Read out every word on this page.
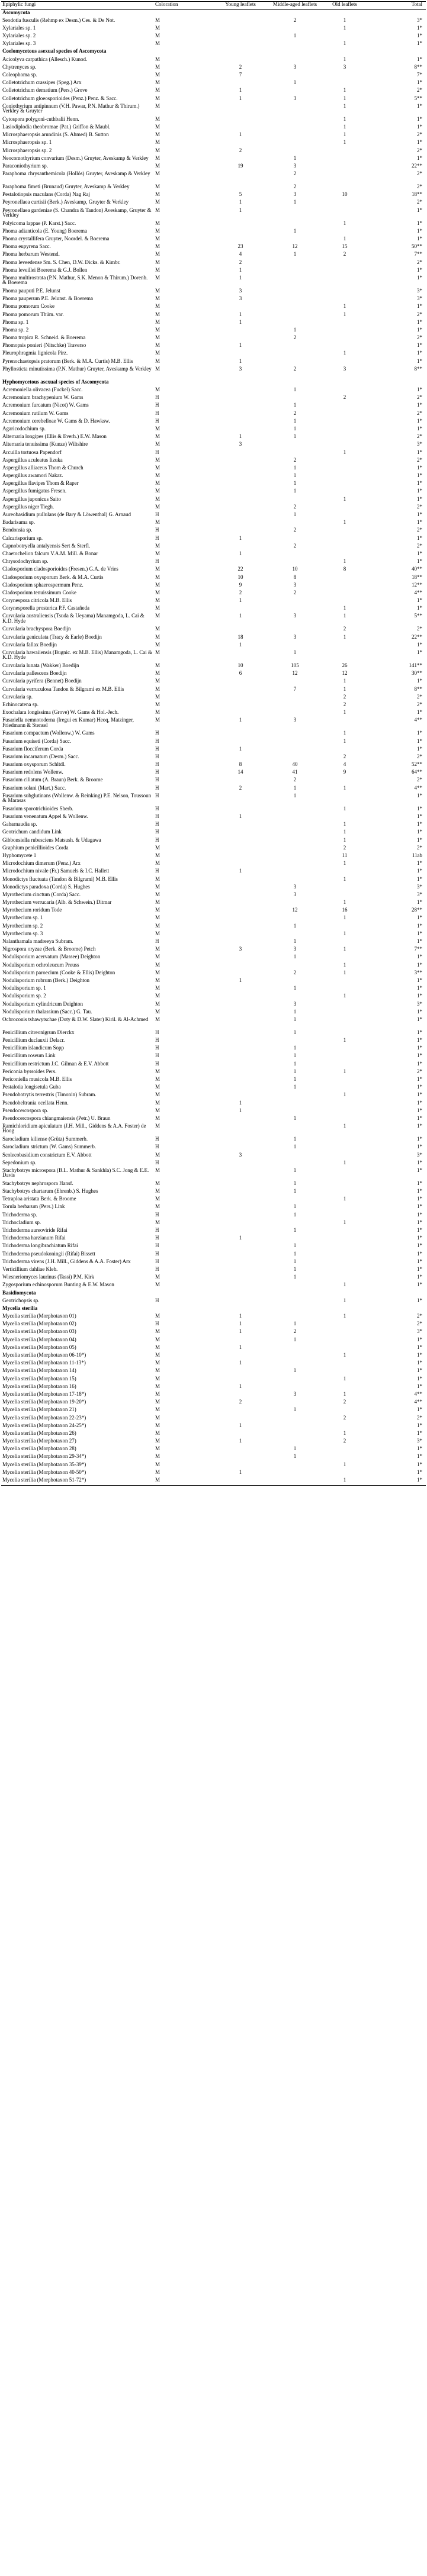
Epiphylic fungi	Coloration	Young leaflets	Middle-aged leaflets	Old leaflets	Total
Ascomycota					
Seodotia fusculis (Rehmp ex Desm.) Ces. & De Not.	M		2	1	3*
Xylariales sp. 1	M			1	1*
Xylariales sp. 2	M		1		1*
Xylariales sp. 3	M			1	1*
Coelomycetous asexual species of Ascomycota					
Acicolyva carpathica (Allesch.) Kunod.	M			1	1*
Chytrenyces sp.	M	2	3	3	8**
Coleophoma sp.	M	7			7*
Colletotrichum crassipes (Speg.) Arx	M		1		1*
Colletotrichum dematium (Pers.) Grove	M	1		1	2*
Colletotrichum gloeosporioides (Penz.) Penz. & Sacc.	M	1	3	1	5**
Coniothyrium antipinnum (V.H. Pawar, P.N. Mathur & Thirum.) Verkley & Gruyter	M			1	1*
Cytospora polygoni-cuthbalii Henn.	M			1	1*
Lasiodiplodia theobromae (Pat.) Griffon & Maubl.	M			1	1*
Microsphaeropsis arundinis (S. Ahmed) B. Sutton	M	1		1	2*
Microsphaeropsis sp. 1	M			1	1*
Microsphaeropsis sp. 2	M	2			2*
Neocomothyrium convarium (Desm.) Gruyter, Aveskamp & Verkley	M		1		1*
Paraconiothyrium sp.	M	19	3		22**
Paraphoma chrysanthemicola (Hollós) Gruyter, Aveskamp & Verkley	M		2		2*
Paraphoma fimeti (Brunaud) Gruyter, Aveskamp & Verkley	M		2		2*
Pestalotiopsis maculans (Corda) Nag Raj	M	5	3	10	18**
Peyronellaea curtisii (Berk.) Aveskamp, Gruyter & Verkley	M	1	1		2*
Peyronellaea gardeniae (S. Chandra & Tandon) Aveskamp, Gruyter & Verkley	M	1			1*
Polyicoma lappae (P. Karst.) Sacc.	M			1	1*
Phoma adianticola (E. Young) Boerema	M		1		1*
Phoma crystallifera Gruyter, Noordel. & Boerema	M			1	1*
Phoma eupyrena Sacc.	M	23	12	15	50**
Phoma herbarum Westend.	M	4	1	2	7**
Phoma leveedense Sm. S. Chen, D.W. Dicks. & Kimbr.	M	2			2*
Phoma leveillei Boerema & G.J. Bollen	M	1			1*
Phoma multirostrata (P.N. Mathur, S.K. Menon & Thirum.) Dorenb. & Boerema	M	1			1*
Phoma pauputi P.E. Jelunst	M	3			3*
Phoma pauperum P.E. Jelunst. & Boerema	M	3			3*
Phoma pomorum Cooke	M			1	1*
Phoma pomorum Thüm. var.	M	1		1	2*
Phoma sp. 1	M	1			1*
Phoma sp. 2	M		1		1*
Phoma tropica R. Schneid. & Boerema	M		2		2*
Phomopsis ponieri (Nitschke) Traverso	M	1			1*
Pleurophragmia lignicola Pirz.	M			1	1*
Pyrenochaetopsis pratorum (Berk. & M.A. Curtis) M.B. Ellis	M	1			1*
Phyllosticta minutissima (P.N. Mathur) Gruyter, Aveskamp & Verkley	M	3	2	3	8**
Hyphomycetous asexual species of Ascomycota					
Acremoniella olivacea (Fuckel) Sacc.	M		1		1*
Acremonium brachypenium W. Gams	H			2	2*
Acremonium furcatum (Nicot) W. Gams	H		1		1*
Acremonium rutilum W. Gams	H		2		2*
Acremonium cerebelloae W. Gams & D. Hawksw.	H		1		1*
Agaricodochium sp.	M		1		1*
Alternaria longipes (Ellis & Everh.) E.W. Mason	M	1	1		2*
Alternaria tenuissima (Kunze) Wiltshire	M	3			3*
Arcuilla tortuosa Papendorf	H			1	1*
Aspergillus aculeatus Iizuka	M		2		2*
Aspergillus alliaceus Thom & Church	M		1		1*
Aspergillus awamori Nakaz.	M		1		1*
Aspergillus flavipes Thom & Raper	M		1		1*
Aspergillus fumigatus Fresen.	M		1		1*
Aspergillus japonicus Saito	M			1	1*
Aspergillus niger Tiegh.	M		2		2*
Aureobasidium pullulans (de Bary & Löwenthal) G. Arnaud	H		1		1*
Badarisama sp.	M			1	1*
Bendonsia sp.	H		2		2*
Calcarisporium sp.	H	1			1*
Capnobotryella antalyensis Sert & Sterfl.	M		2		2*
Chaetochelion falcum V.A.M. Mill. & Bonar	M	1			1*
Chrysodochyrium sp.	H			1	1*
Cladosporium cladosporioides (Fresen.) G.A. de Vries	M	22	10	8	40**
Cladosporium oxysporum Berk. & M.A. Curtis	M	10	8		18**
Cladosporium sphaerospermum Penz.	M	9	3		12**
Cladosporium tenuissimum Cooke	M	2	2		4**
Corynespora citricola M.B. Ellis	M	1			1*
Corynesporella prosterica P.F. Castañeda	M			1	1*
Curvularia australiensis (Tsuda & Ueyama) Manamgoda, L. Cai & K.D. Hyde	M	1	3	1	5**
Curvularia brachyspora Boedijn	M			2	2*
Curvularia geniculata (Tracy & Earle) Boedijn	M	18	3	1	22**
Curvularia fallax Boedijn	M	1			1*
Curvularia hawaiiensis (Bugnic. ex M.B. Ellis) Manamgoda, L. Cai & K.D. Hyde	M		1		1*
Curvularia lunata (Wakker) Boedijn	M	10	105	26	141**
Curvularia pallescens Boedijn	M	6	12	12	30**
Curvularia pyrifera (Bennet) Boedijn	M			1	1*
Curvularia verruculosa Tandon & Bilgrami ex M.B. Ellis	M		7	1	8**
Curvularia sp.	M			2	2*
Echinocatena sp.	M			2	2*
Exochalara longissima (Grove) W. Gams & Hol.-Jech.	M			1	1*
Fusariella nemnotoderna (Iregui ex Kumar) Heoq, Matzinger, Friedmann & Stensel	M	1	3		4**
Fusarium compactum (Wollenw.) W. Gams	H			1	1*
Fusarium equiseti (Corda) Sacc.	H			1	1*
Fusarium flocciferum Corda	H	1			1*
Fusarium incarnatum (Desm.) Sacc.	H			2	2*
Fusarium oxysporum Schltdl.	H	8	40	4	52**
Fusarium redolens Wollenw.	H	14	41	9	64**
Fusarium ciliatum (A. Braun) Berk. & Broome	H		2		2*
Fusarium solani (Mart.) Sacc.	H	2	1	1	4**
Fusarium subglutinans (Wollenw. & Reinking) P.E. Nelson, Toussoun & Marasas	H		1		1*
Fusarium sporotrichioides Sherb.	H			1	1*
Fusarium venenatum Appel & Wollenw.	H	1			1*
Gabarnaudia sp.	H			1	1*
Geotrichum candidum Link	H			1	1*
Gibbonsiella rubesciens Matsush. & Udagawa	H			1	1*
Graphium penicillioides Corda	M			2	2*
Hyphomycete 1	M			11	11ab
Microdochium dimerum (Penz.) Arx	M			1	1*
Microdochium nivale (Fr.) Samuels & I.C. Hallett	H	1			1*
Monodictys fluctuata (Tandon & Bilgrami) M.B. Ellis	M			1	1*
Monodictys paradoxa (Corda) S. Hughes	M		3		3*
Myrothecium cinctum (Corda) Sacc.	M		3		3*
Myrothecium verrucaria (Alb. & Schwein.) Ditmar	M			1	1*
Myrothecium roridum Tode	M		12	16	28**
Myrothecium sp. 1	M			1	1*
Myrothecium sp. 2	M		1		1*
Myrothecium sp. 3	M			1	1*
Nalanthamala madreeya Subram.	H		1		1*
Nigrospora oryzae (Berk. & Broome) Petch	M	3	3	1	7**
Nodulisporium acervatum (Massee) Deighton	M		1		1*
Nodulisporium ochroleucum Preuss	M			1	1*
Nodulisporium paroecium (Cooke & Ellis) Deighton	M		2	1	3**
Nodulisporium rubrum (Berk.) Deighton	M	1			1*
Nodulisporium sp. 1	M		1		1*
Nodulisporium sp. 2	M			1	1*
Nodulisporium cylindricum Deighton	M		3		3*
Nodulisporium thalassium (Sacc.) G. Tau.	M		1		1*
Ochroconis tshawytschae (Doty & D.W. Slater) Kiril. & Al-Achmed	M		1		1*
Penicillium citreonigrum Dierckx	H		1		1*
Penicillium duclauxii Delacr.	H			1	1*
Penicillium islandicum Sopp	H		1		1*
Penicillium roseum Link	H		1		1*
Penicillium restrictum J.C. Gilman & E.V. Abbott	H		1		1*
Periconia byssoides Pers.	M		1	1	2*
Periconiella musicola M.B. Ellis	M		1		1*
Pestalotia longisetula Guba	M		1		1*
Pseudobotrytis terrestris (Timonin) Subram.	M			1	1*
Pseudobeltrania ocellata Henn.	M	1			1*
Pseudocercospora sp.	M	1			1*
Pseudocercospora chiangmaiensis (Petr.) U. Braun	M		1		1*
Ramichloridium apiculatum (J.H. Mill., Giddens & A.A. Foster) de Hoog	M			1	1*
Sarocladium kiliense (Grütz) Summerb.	H		1		1*
Sarocladium strictum (W. Gams) Summerb.	H		1		1*
Scolecobasidium constrictum E.V. Abbott	M	3			3*
Sepedonium sp.	H			1	1*
Stachybotrys microspora (B.L. Mathur & Sankhla) S.C. Jong & E.E. Davis	M		1		1*
Stachybotrys nephrospora Hansf.	M		1		1*
Stachybotrys chartarum (Ehrenb.) S. Hughes	M		1		1*
Tetraploa aristata Berk. & Broome	M			1	1*
Torula herbarum (Pers.) Link	M		1		1*
Trichoderma sp.	H		1		1*
Trichocladium sp.	M			1	1*
Trichoderma aureoviride Rifai	H		1		1*
Trichoderma harzianum Rifai	H	1			1*
Trichoderma longibrachiatum Rifai	H		1		1*
Trichoderma pseudokoningii (Rifai) Bissett	H		1		1*
Trichoderma virens (J.H. Mill., Giddens & A.A. Foster) Arx	H		1		1*
Verticillium dahliae Kleb.	H		1		1*
Wiesneriomyces laurinus (Tassi) P.M. Kirk	M		1		1*
Zygosporium echinosporum Bunting & E.W. Mason	M			1	1*
Basidiomycota					
Geotrichopsis sp.	H			1	1*
Mycelia sterilia					
Mycelia sterilia (Morphotaxon 01)	M	1		1	2*
Mycelia sterilia (Morphotaxon 02)	H	1	1		2*
Mycelia sterilia (Morphotaxon 03)	M	1	2		3*
Mycelia sterilia (Morphotaxon 04)	M		1		1*
Mycelia sterilia (Morphotaxon 05)	M	1			1*
Mycelia sterilia (Morphotaxon 06-10*)	M			1	1*
Mycelia sterilia (Morphotaxon 11-13*)	M	1			1*
Mycelia sterilia (Morphotaxon 14)	M		1		1*
Mycelia sterilia (Morphotaxon 15)	M			1	1*
Mycelia sterilia (Morphotaxon 16)	M	1			1*
Mycelia sterilia (Morphotaxon 17-18*)	M		3	1	4**
Mycelia sterilia (Morphotaxon 19-20*)	M	2		2	4**
Mycelia sterilia (Morphotaxon 21)	M		1		1*
Mycelia sterilia (Morphotaxon 22-23*)	M			2	2*
Mycelia sterilia (Morphotaxon 24-25*)	M	1			1*
Mycelia sterilia (Morphotaxon 26)	M			1	1*
Mycelia sterilia (Morphotaxon 27)	M	1		2	3*
Mycelia sterilia (Morphotaxon 28)	M		1		1*
Mycelia sterilia (Morphotaxon 29-34*)	M		1		1*
Mycelia sterilia (Morphotaxon 35-39*)	M			1	1*
Mycelia sterilia (Morphotaxon 40-50*)	M	1			1*
Mycelia sterilia (Morphotaxon 51-72*)	M			1	1*
